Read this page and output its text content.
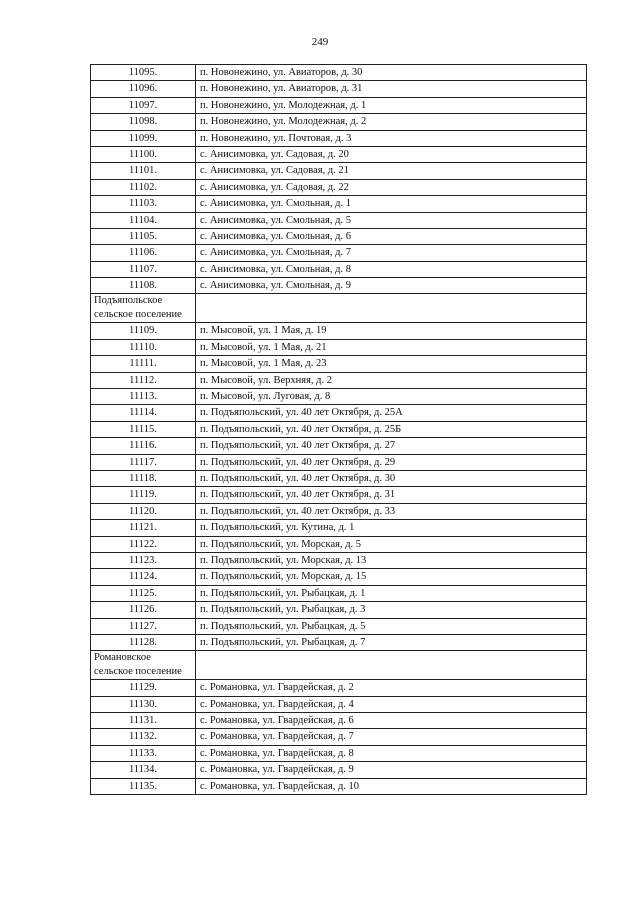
249
11095.	п. Новонежино, ул. Авиаторов, д. 30
11096.	п. Новонежино, ул. Авиаторов, д. 31
11097.	п. Новонежино, ул. Молодежная, д. 1
11098.	п. Новонежино, ул. Молодежная, д. 2
11099.	п. Новонежино, ул. Почтовая, д. 3
11100.	с. Анисимовка, ул. Садовая, д. 20
11101.	с. Анисимовка, ул. Садовая, д. 21
11102.	с. Анисимовка, ул. Садовая, д. 22
11103.	с. Анисимовка, ул. Смольная, д. 1
11104.	с. Анисимовка, ул. Смольная, д. 5
11105.	с. Анисимовка, ул. Смольная, д. 6
11106.	с. Анисимовка, ул. Смольная, д. 7
11107.	с. Анисимовка, ул. Смольная, д. 8
11108.	с. Анисимовка, ул. Смольная, д. 9
Подъяпольское сельское поселение	
11109.	п. Мысовой, ул. 1 Мая, д. 19
11110.	п. Мысовой, ул. 1 Мая, д. 21
11111.	п. Мысовой, ул. 1 Мая, д. 23
11112.	п. Мысовой, ул. Верхняя, д. 2
11113.	п. Мысовой, ул. Луговая, д. 8
11114.	п. Подъяпольский, ул. 40 лет Октября, д. 25А
11115.	п. Подъяпольский, ул. 40 лет Октября, д. 25Б
11116.	п. Подъяпольский, ул. 40 лет Октября, д. 27
11117.	п. Подъяпольский, ул. 40 лет Октября, д. 29
11118.	п. Подъяпольский, ул. 40 лет Октября, д. 30
11119.	п. Подъяпольский, ул. 40 лет Октября, д. 31
11120.	п. Подъяпольский, ул. 40 лет Октября, д. 33
11121.	п. Подъяпольский, ул. Кутина, д. 1
11122.	п. Подъяпольский, ул. Морская, д. 5
11123.	п. Подъяпольский, ул. Морская, д. 13
11124.	п. Подъяпольский, ул. Морская, д. 15
11125.	п. Подъяпольский, ул. Рыбацкая, д. 1
11126.	п. Подъяпольский, ул. Рыбацкая, д. 3
11127.	п. Подъяпольский, ул. Рыбацкая, д. 5
11128.	п. Подъяпольский, ул. Рыбацкая, д. 7
Романовское сельское поселение	
11129.	с. Романовка, ул. Гвардейская, д. 2
11130.	с. Романовка, ул. Гвардейская, д. 4
11131.	с. Романовка, ул. Гвардейская, д. 6
11132.	с. Романовка, ул. Гвардейская, д. 7
11133.	с. Романовка, ул. Гвардейская, д. 8
11134.	с. Романовка, ул. Гвардейская, д. 9
11135.	с. Романовка, ул. Гвардейская, д. 10
